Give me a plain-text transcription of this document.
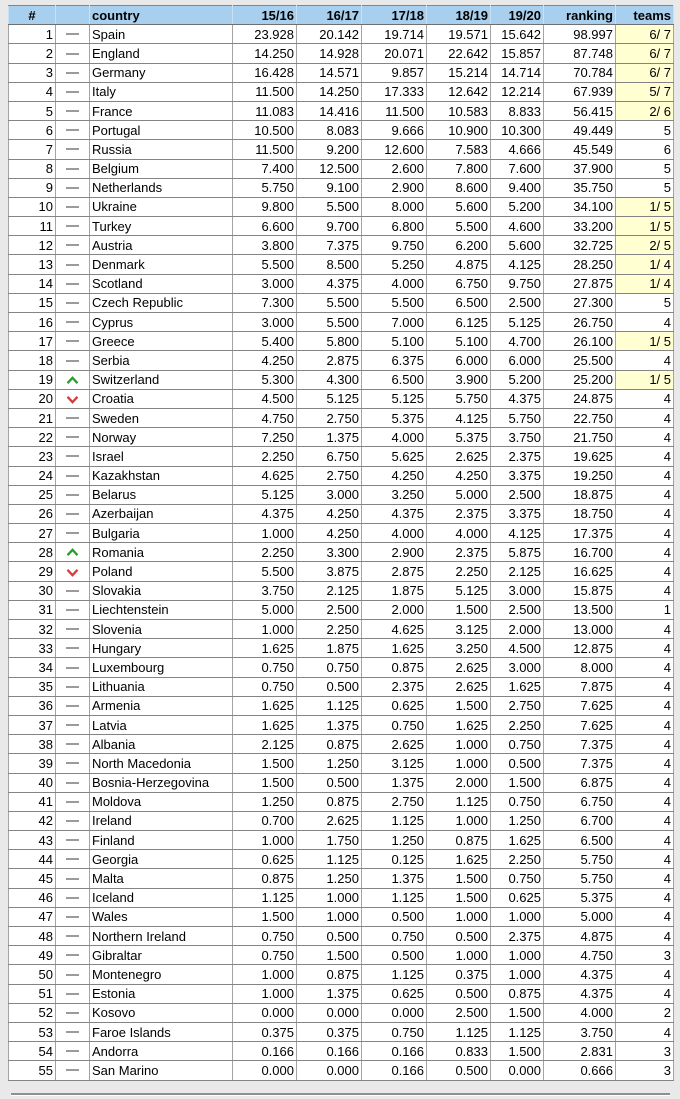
#		country	15/16	16/17	17/18	18/19	19/20	ranking	teams
1		Spain	23.928	20.142	19.714	19.571	15.642	98.997	6/ 7
2		England	14.250	14.928	20.071	22.642	15.857	87.748	6/ 7
3		Germany	16.428	14.571	9.857	15.214	14.714	70.784	6/ 7
4		Italy	11.500	14.250	17.333	12.642	12.214	67.939	5/ 7
5		France	11.083	14.416	11.500	10.583	8.833	56.415	2/ 6
6		Portugal	10.500	8.083	9.666	10.900	10.300	49.449	5
7		Russia	11.500	9.200	12.600	7.583	4.666	45.549	6
8		Belgium	7.400	12.500	2.600	7.800	7.600	37.900	5
9		Netherlands	5.750	9.100	2.900	8.600	9.400	35.750	5
10		Ukraine	9.800	5.500	8.000	5.600	5.200	34.100	1/ 5
11		Turkey	6.600	9.700	6.800	5.500	4.600	33.200	1/ 5
12		Austria	3.800	7.375	9.750	6.200	5.600	32.725	2/ 5
13		Denmark	5.500	8.500	5.250	4.875	4.125	28.250	1/ 4
14		Scotland	3.000	4.375	4.000	6.750	9.750	27.875	1/ 4
15		Czech Republic	7.300	5.500	5.500	6.500	2.500	27.300	5
16		Cyprus	3.000	5.500	7.000	6.125	5.125	26.750	4
17		Greece	5.400	5.800	5.100	5.100	4.700	26.100	1/ 5
18		Serbia	4.250	2.875	6.375	6.000	6.000	25.500	4
19		Switzerland	5.300	4.300	6.500	3.900	5.200	25.200	1/ 5
20		Croatia	4.500	5.125	5.125	5.750	4.375	24.875	4
21		Sweden	4.750	2.750	5.375	4.125	5.750	22.750	4
22		Norway	7.250	1.375	4.000	5.375	3.750	21.750	4
23		Israel	2.250	6.750	5.625	2.625	2.375	19.625	4
24		Kazakhstan	4.625	2.750	4.250	4.250	3.375	19.250	4
25		Belarus	5.125	3.000	3.250	5.000	2.500	18.875	4
26		Azerbaijan	4.375	4.250	4.375	2.375	3.375	18.750	4
27		Bulgaria	1.000	4.250	4.000	4.000	4.125	17.375	4
28		Romania	2.250	3.300	2.900	2.375	5.875	16.700	4
29		Poland	5.500	3.875	2.875	2.250	2.125	16.625	4
30		Slovakia	3.750	2.125	1.875	5.125	3.000	15.875	4
31		Liechtenstein	5.000	2.500	2.000	1.500	2.500	13.500	1
32		Slovenia	1.000	2.250	4.625	3.125	2.000	13.000	4
33		Hungary	1.625	1.875	1.625	3.250	4.500	12.875	4
34		Luxembourg	0.750	0.750	0.875	2.625	3.000	8.000	4
35		Lithuania	0.750	0.500	2.375	2.625	1.625	7.875	4
36		Armenia	1.625	1.125	0.625	1.500	2.750	7.625	4
37		Latvia	1.625	1.375	0.750	1.625	2.250	7.625	4
38		Albania	2.125	0.875	2.625	1.000	0.750	7.375	4
39		North Macedonia	1.500	1.250	3.125	1.000	0.500	7.375	4
40		Bosnia-Herzegovina	1.500	0.500	1.375	2.000	1.500	6.875	4
41		Moldova	1.250	0.875	2.750	1.125	0.750	6.750	4
42		Ireland	0.700	2.625	1.125	1.000	1.250	6.700	4
43		Finland	1.000	1.750	1.250	0.875	1.625	6.500	4
44		Georgia	0.625	1.125	0.125	1.625	2.250	5.750	4
45		Malta	0.875	1.250	1.375	1.500	0.750	5.750	4
46		Iceland	1.125	1.000	1.125	1.500	0.625	5.375	4
47		Wales	1.500	1.000	0.500	1.000	1.000	5.000	4
48		Northern Ireland	0.750	0.500	0.750	0.500	2.375	4.875	4
49		Gibraltar	0.750	1.500	0.500	1.000	1.000	4.750	3
50		Montenegro	1.000	0.875	1.125	0.375	1.000	4.375	4
51		Estonia	1.000	1.375	0.625	0.500	0.875	4.375	4
52		Kosovo	0.000	0.000	0.000	2.500	1.500	4.000	2
53		Faroe Islands	0.375	0.375	0.750	1.125	1.125	3.750	4
54		Andorra	0.166	0.166	0.166	0.833	1.500	2.831	3
55		San Marino	0.000	0.000	0.166	0.500	0.000	0.666	3
